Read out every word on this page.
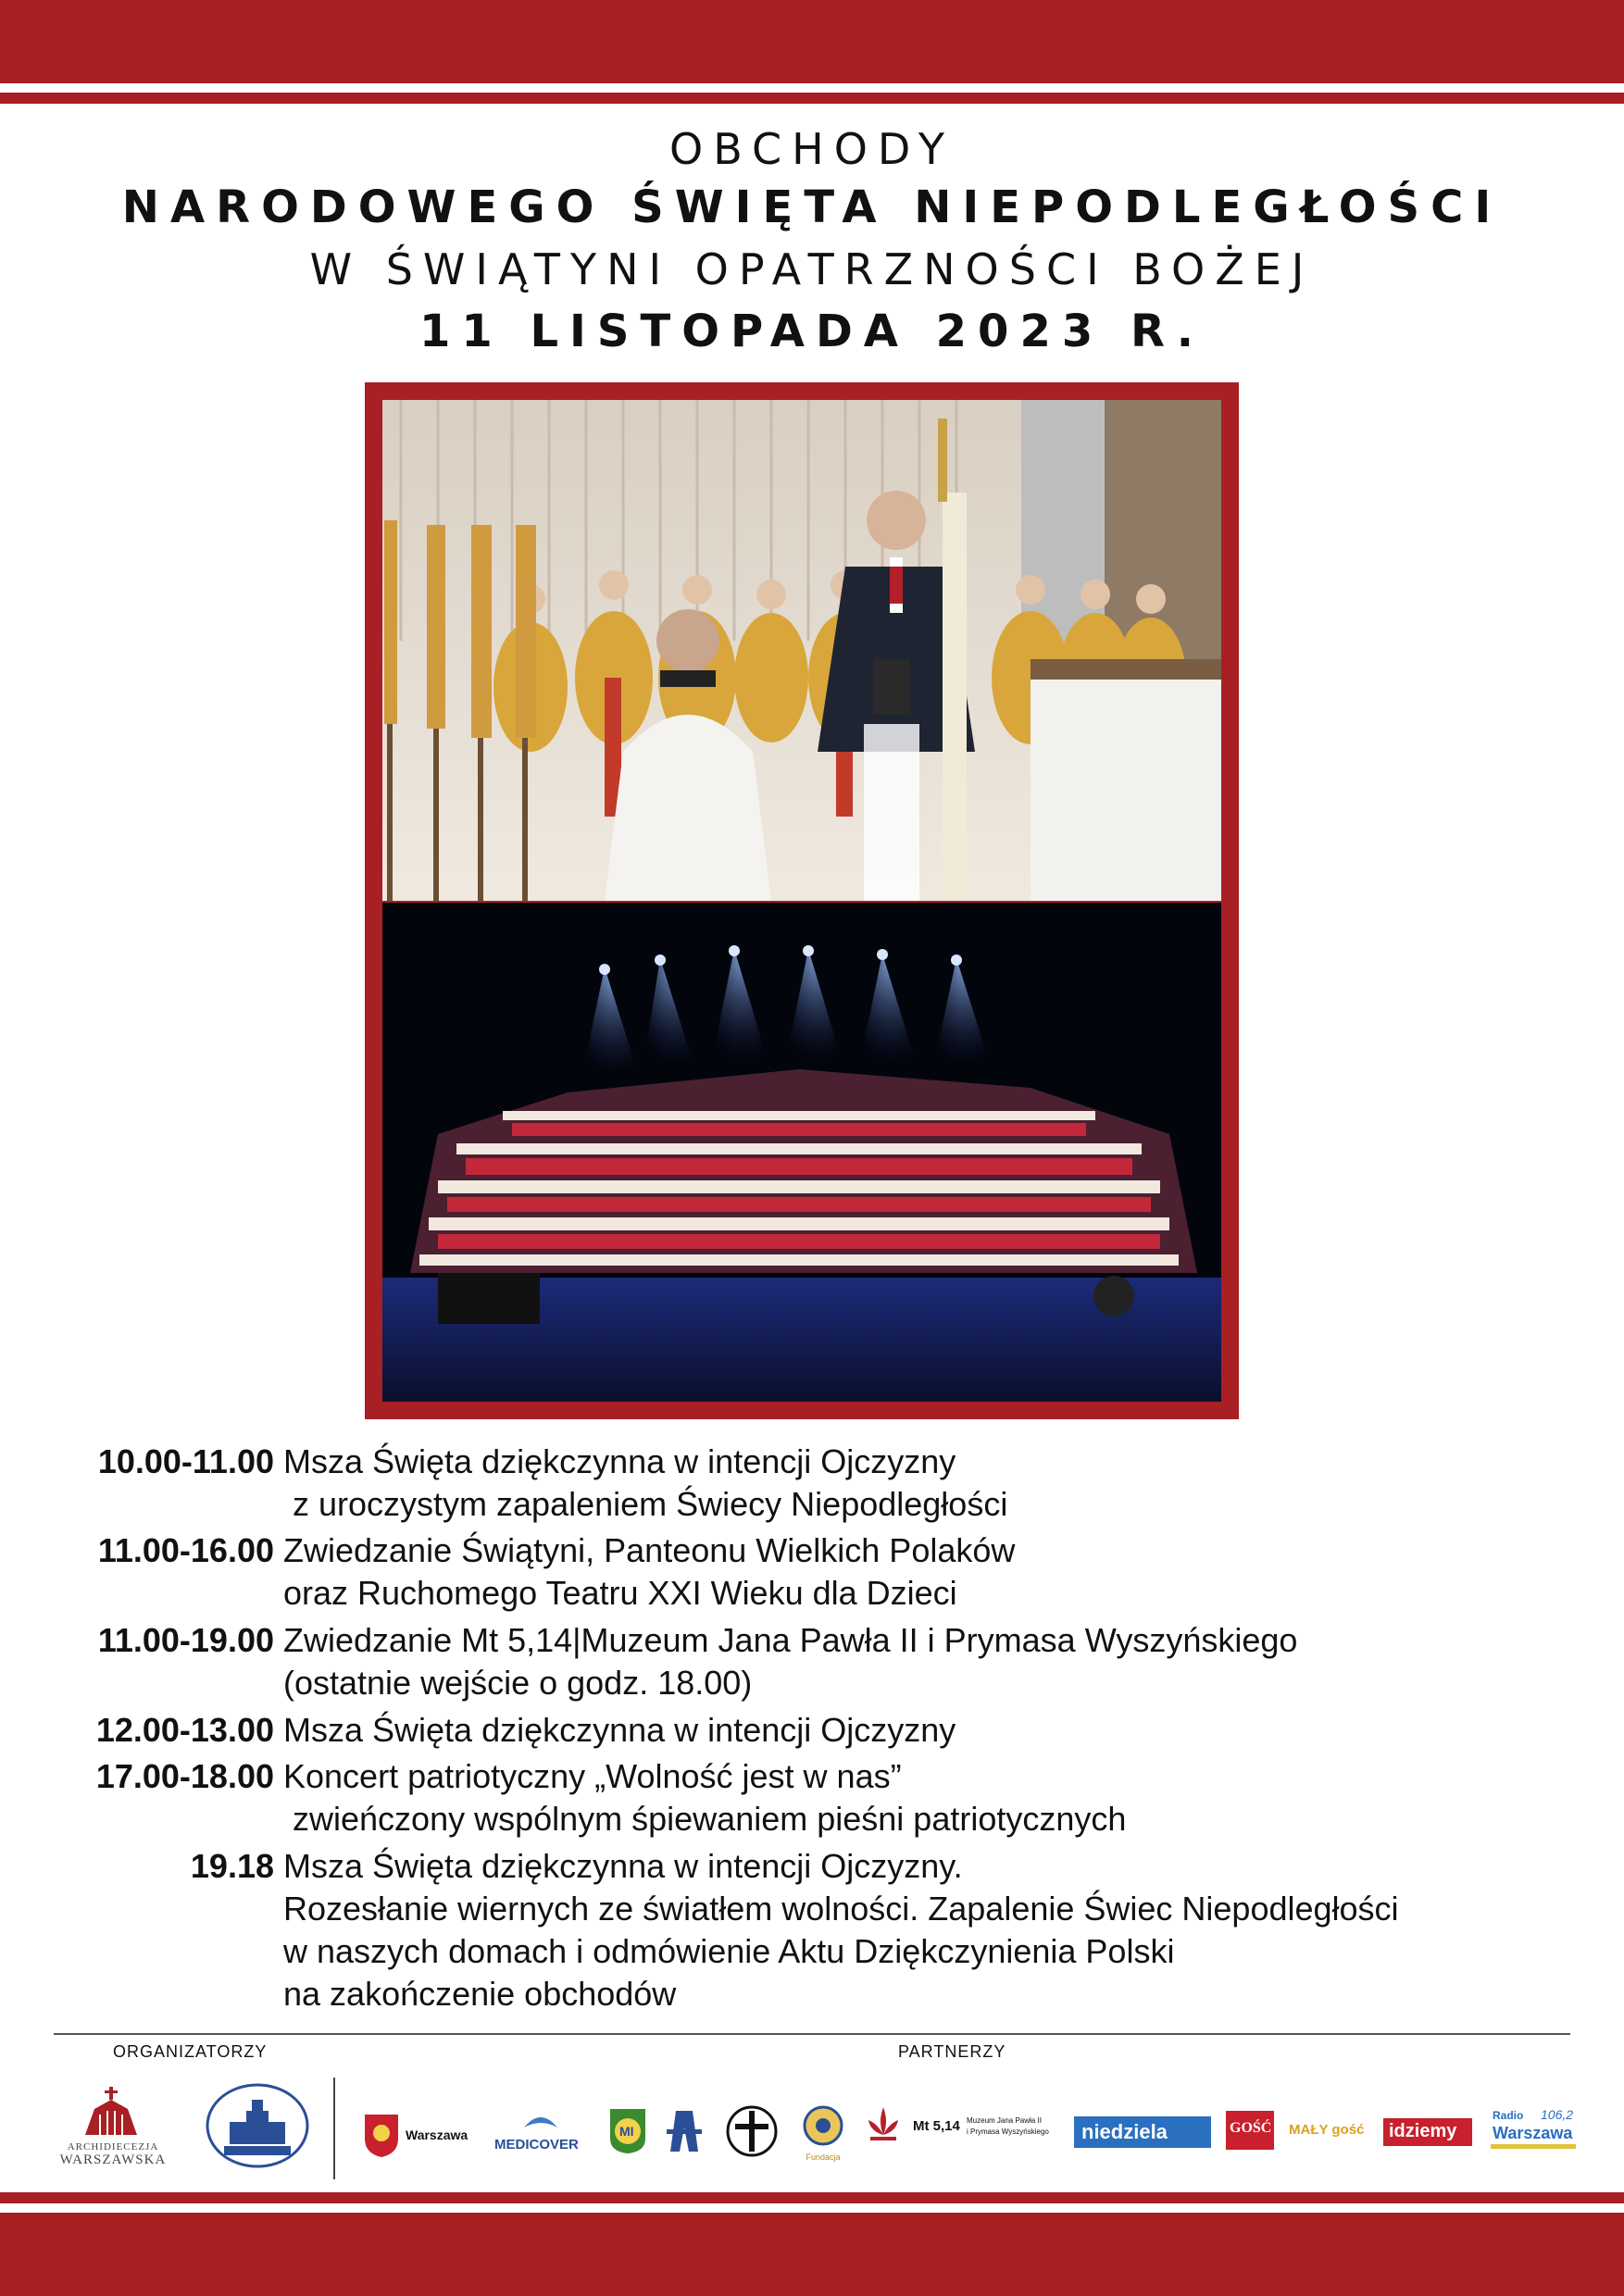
OBCHODY
NARODOWEGO ŚWIĘTA NIEPODLEGŁOŚCI
W ŚWIĄTYNI OPATRZNOŚCI BOŻEJ
11 LISTOPADA 2023 R.
10.00-11.00 Msza Święta dziękczynna w intencji Ojczyzny
z uroczystym zapaleniem Świecy Niepodległości
11.00-16.00 Zwiedzanie Świątyni, Panteonu Wielkich Polaków
oraz Ruchomego Teatru XXI Wieku dla Dzieci
11.00-19.00 Zwiedzanie Mt 5,14|Muzeum Jana Pawła II i Prymasa Wyszyńskiego
(ostatnie wejście o godz. 18.00)
12.00-13.00 Msza Święta dziękczynna w intencji Ojczyzny
17.00-18.00 Koncert patriotyczny „Wolność jest w nas”
zwieńczony wspólnym śpiewaniem pieśni patriotycznych
19.18 Msza Święta dziękczynna w intencji Ojczyzny.
Rozesłanie wiernych ze światłem wolności. Zapalenie Świec Niepodległości
w naszych domach i odmówienie Aktu Dziękczynienia Polski
na zakończenie obchodów
ORGANIZATORZY	PARTNERZY
ARCHIDIECEZJA
WARSZAWSKA
Warszawa
MEDICOVER
MI
Fundacja
Mt 5,14 Muzeum Jana Pawła II
i Prymasa Wyszyńskiego niedziela	GOŚĆ MAŁY gość idziemy
Radio 106,2
Warszawa
